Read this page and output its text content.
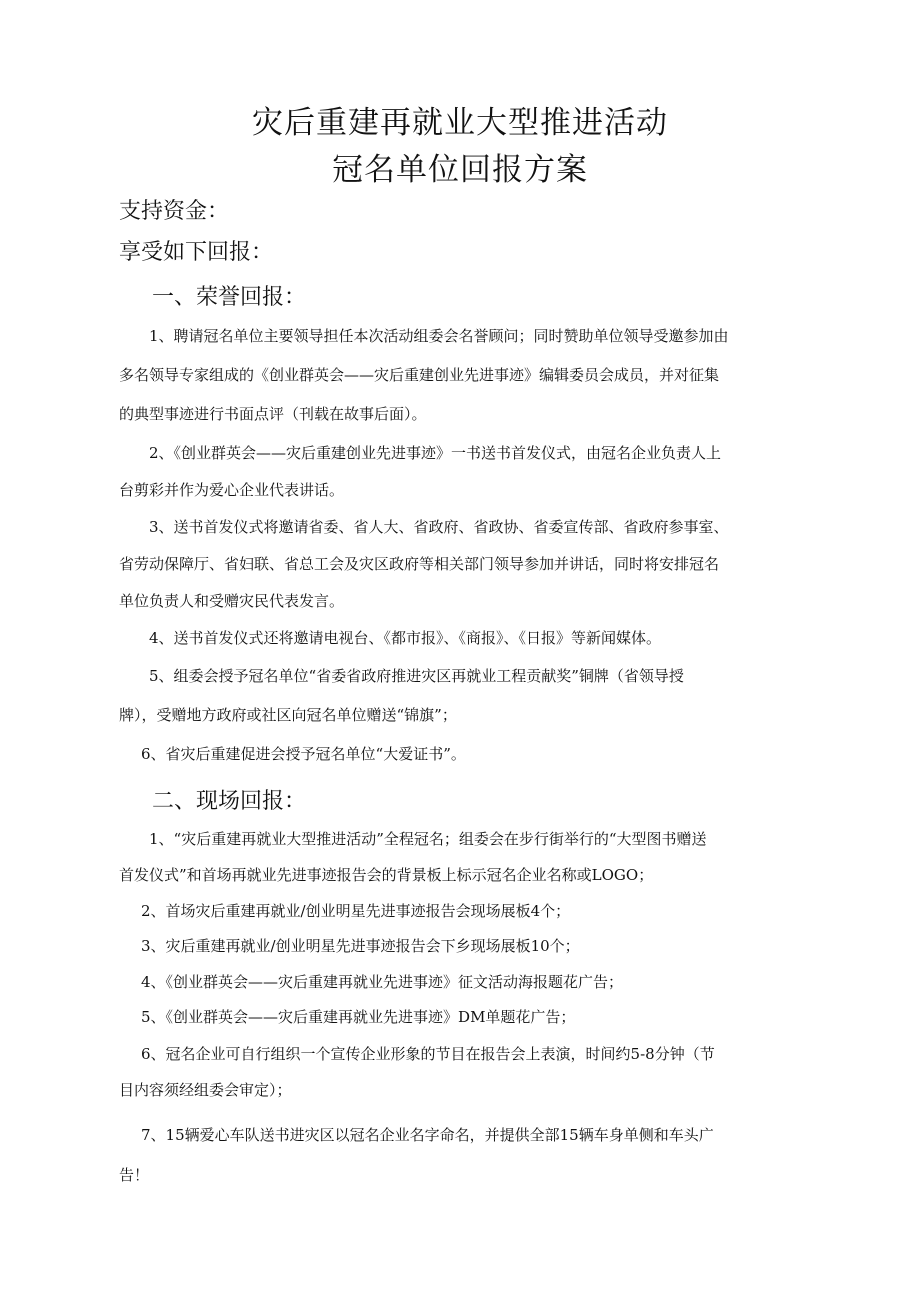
灾后重建再就业大型推进活动
冠名单位回报方案
支持资金：
享受如下回报：
一、荣誉回报：
1、聘请冠名单位主要领导担任本次活动组委会名誉顾问；同时赞助单位领导受邀参加由
多名领导专家组成的《创业群英会——灾后重建创业先进事迹》编辑委员会成员，并对征集
的典型事迹进行书面点评（刊载在故事后面）。
2、《创业群英会——灾后重建创业先进事迹》一书送书首发仪式，由冠名企业负责人上
台剪彩并作为爱心企业代表讲话。
3、送书首发仪式将邀请省委、省人大、省政府、省政协、省委宣传部、省政府参事室、
省劳动保障厅、省妇联、省总工会及灾区政府等相关部门领导参加并讲话，同时将安排冠名
单位负责人和受赠灾民代表发言。
4、送书首发仪式还将邀请电视台、《都市报》、《商报》、《日报》等新闻媒体。
5、组委会授予冠名单位“省委省政府推进灾区再就业工程贡献奖”铜牌（省领导授
牌），受赠地方政府或社区向冠名单位赠送“锦旗”；
6、省灾后重建促进会授予冠名单位“大爱证书”。
二、现场回报：
1、“灾后重建再就业大型推进活动”全程冠名；组委会在步行街举行的“大型图书赠送
首发仪式”和首场再就业先进事迹报告会的背景板上标示冠名企业名称或LOGO；
2、首场灾后重建再就业/创业明星先进事迹报告会现场展板4个；
3、灾后重建再就业/创业明星先进事迹报告会下乡现场展板10个；
4、《创业群英会——灾后重建再就业先进事迹》征文活动海报题花广告；
5、《创业群英会——灾后重建再就业先进事迹》DM单题花广告；
6、冠名企业可自行组织一个宣传企业形象的节目在报告会上表演，时间约5-8分钟（节
目内容须经组委会审定）；
7、15辆爱心车队送书进灾区以冠名企业名字命名，并提供全部15辆车身单侧和车头广
告！
